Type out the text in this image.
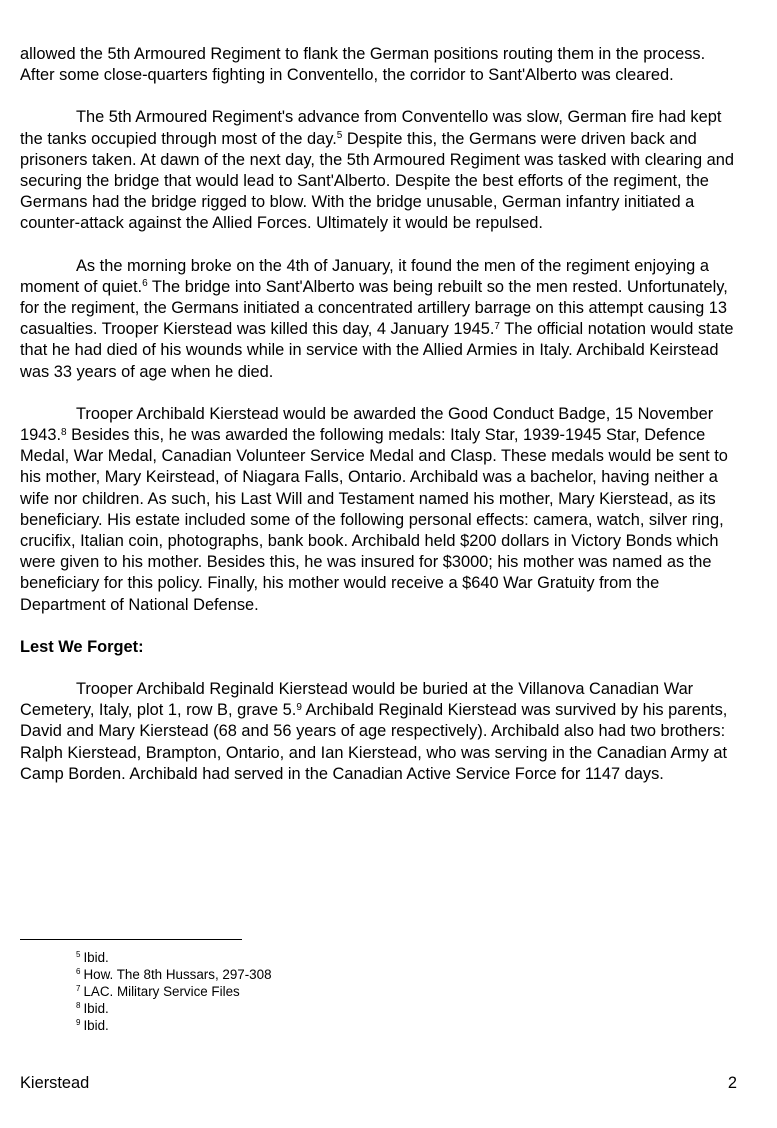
allowed the 5th Armoured Regiment to flank the German positions routing them in the process. After some close-quarters fighting in Conventello, the corridor to Sant'Alberto was cleared.

The 5th Armoured Regiment's advance from Conventello was slow, German fire had kept the tanks occupied through most of the day.$^5$ Despite this, the Germans were driven back and prisoners taken. At dawn of the next day, the 5th Armoured Regiment was tasked with clearing and securing the bridge that would lead to Sant'Alberto. Despite the best efforts of the regiment, the Germans had the bridge rigged to blow. With the bridge unusable, German infantry initiated a counter-attack against the Allied Forces. Ultimately it would be repulsed.

As the morning broke on the 4th of January, it found the men of the regiment enjoying a moment of quiet.$^6$ The bridge into Sant'Alberto was being rebuilt so the men rested. Unfortunately, for the regiment, the Germans initiated a concentrated artillery barrage on this attempt causing 13 casualties. Trooper Kierstead was killed this day, 4 January 1945.$^7$ The official notation would state that he had died of his wounds while in service with the Allied Armies in Italy. Archibald Keirstead was 33 years of age when he died.

Trooper Archibald Kierstead would be awarded the Good Conduct Badge, 15 November 1943.$^8$ Besides this, he was awarded the following medals: Italy Star, 1939-1945 Star, Defence Medal, War Medal, Canadian Volunteer Service Medal and Clasp. These medals would be sent to his mother, Mary Keirstead, of Niagara Falls, Ontario. Archibald was a bachelor, having neither a wife nor children. As such, his Last Will and Testament named his mother, Mary Kierstead, as its beneficiary. His estate included some of the following personal effects: camera, watch, silver ring, crucifix, Italian coin, photographs, bank book. Archibald held $200 dollars in Victory Bonds which were given to his mother. Besides this, he was insured for $3000; his mother was named as the beneficiary for this policy. Finally, his mother would receive a $640 War Gratuity from the Department of National Defense.

Lest We Forget:

Trooper Archibald Reginald Kierstead would be buried at the Villanova Canadian War Cemetery, Italy, plot 1, row B, grave 5.$^9$ Archibald Reginald Kierstead was survived by his parents, David and Mary Kierstead (68 and 56 years of age respectively). Archibald also had two brothers: Ralph Kierstead, Brampton, Ontario, and Ian Kierstead, who was serving in the Canadian Army at Camp Borden. Archibald had served in the Canadian Active Service Force for 1147 days.

$^5$ Ibid.
$^6$ How. The 8th Hussars, 297-308
$^7$ LAC. Military Service Files
$^8$ Ibid.
$^9$ Ibid.
Kierstead	2
